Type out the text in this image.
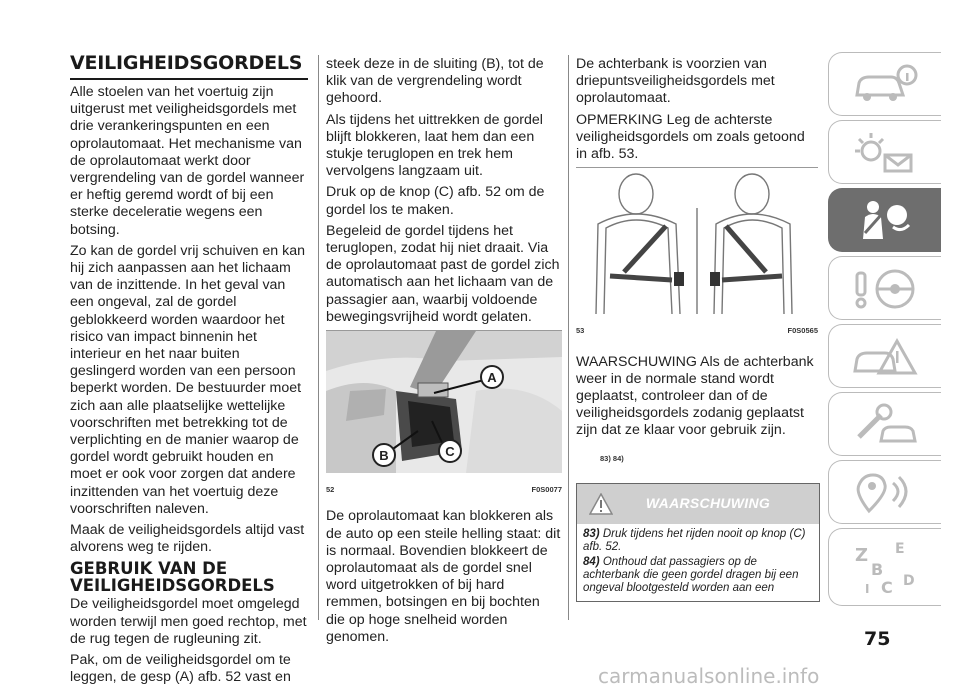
VEILIGHEIDSGORDELS

Alle stoelen van het voertuig zijn uitgerust met veiligheidsgordels met drie verankeringspunten en een oprolautomaat. Het mechanisme van de oprolautomaat werkt door vergrendeling van de gordel wanneer er heftig geremd wordt of bij een sterke deceleratie wegens een botsing.

Zo kan de gordel vrij schuiven en kan hij zich aanpassen aan het lichaam van de inzittende. In het geval van een ongeval, zal de gordel geblokkeerd worden waardoor het risico van impact binnenin het interieur en het naar buiten geslingerd worden van een persoon beperkt worden. De bestuurder moet zich aan alle plaatselijke wettelijke voorschriften met betrekking tot de verplichting en de manier waarop de gordel wordt gebruikt houden en moet er ook voor zorgen dat andere inzittenden van het voertuig deze voorschriften naleven.

Maak de veiligheidsgordels altijd vast alvorens weg te rijden.

GEBRUIK VAN DE VEILIGHEIDSGORDELS

De veiligheidsgordel moet omgelegd worden terwijl men goed rechtop, met de rug tegen de rugleuning zit.

Pak, om de veiligheidsgordel om te leggen, de gesp (A) afb. 52 vast en

steek deze in de sluiting (B), tot de klik van de vergrendeling wordt gehoord.

Als tijdens het uittrekken de gordel blijft blokkeren, laat hem dan een stukje teruglopen en trek hem vervolgens langzaam uit.

Druk op de knop (C) afb. 52 om de gordel los te maken.

Begeleid de gordel tijdens het teruglopen, zodat hij niet draait. Via de oprolautomaat past de gordel zich automatisch aan het lichaam van de passagier aan, waarbij voldoende bewegingsvrijheid wordt gelaten.

A
B	C
52	F0S0077

De oprolautomaat kan blokkeren als de auto op een steile helling staat: dit is normaal. Bovendien blokkeert de oprolautomaat als de gordel snel word uitgetrokken of bij hard remmen, botsingen en bij bochten die op hoge snelheid worden genomen.

De achterbank is voorzien van driepuntsveiligheidsgordels met oprolautomaat.

OPMERKING Leg de achterste veiligheidsgordels om zoals getoond in afb. 53.

53	F0S0565

WAARSCHUWING Als de achterbank weer in de normale stand wordt geplaatst, controleer dan of de veiligheidsgordels zodanig geplaatst zijn dat ze klaar voor gebruik zijn.

83) 84)
WAARSCHUWING

83) Druk tijdens het rijden nooit op knop (C) afb. 52.

84) Onthoud dat passagiers op de achterbank die geen gordel dragen bij een ongeval blootgesteld worden aan een

Z E
B
I C D
75
carmanualsonline.info
